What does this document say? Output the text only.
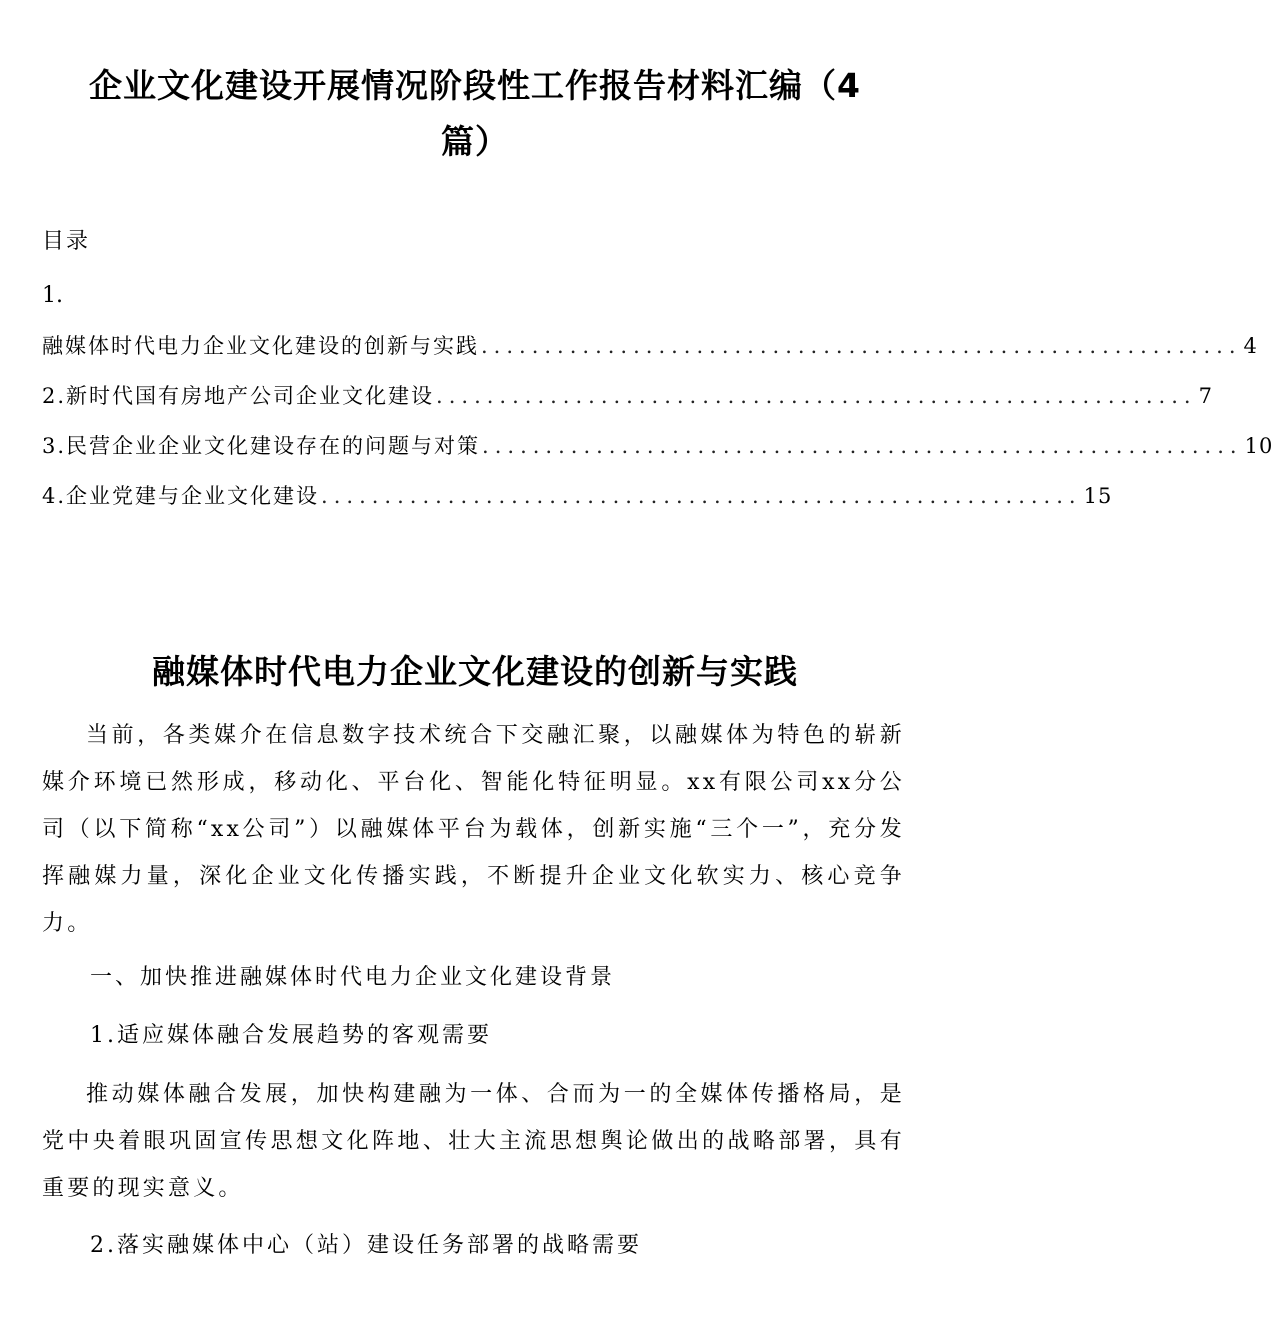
企业文化建设开展情况阶段性工作报告材料汇编（4
篇）
目录
1.
融媒体时代电力企业文化建设的创新与实践 ............................................................ 4
2.新时代国有房地产公司企业文化建设 ............................................................ 7
3.民营企业企业文化建设存在的问题与对策 ............................................................ 10
4.企业党建与企业文化建设 ............................................................ 15
融媒体时代电力企业文化建设的创新与实践

当前，各类媒介在信息数字技术统合下交融汇聚，以融媒体为特色的崭新媒介环境已然形成，移动化、平台化、智能化特征明显。xx有限公司xx分公司（以下简称“xx公司”）以融媒体平台为载体，创新实施“三个一”，充分发挥融媒力量，深化企业文化传播实践，不断提升企业文化软实力、核心竞争力。

一、加快推进融媒体时代电力企业文化建设背景

1.适应媒体融合发展趋势的客观需要

推动媒体融合发展，加快构建融为一体、合而为一的全媒体传播格局，是党中央着眼巩固宣传思想文化阵地、壮大主流思想舆论做出的战略部署，具有重要的现实意义。

2.落实融媒体中心（站）建设任务部署的战略需要
